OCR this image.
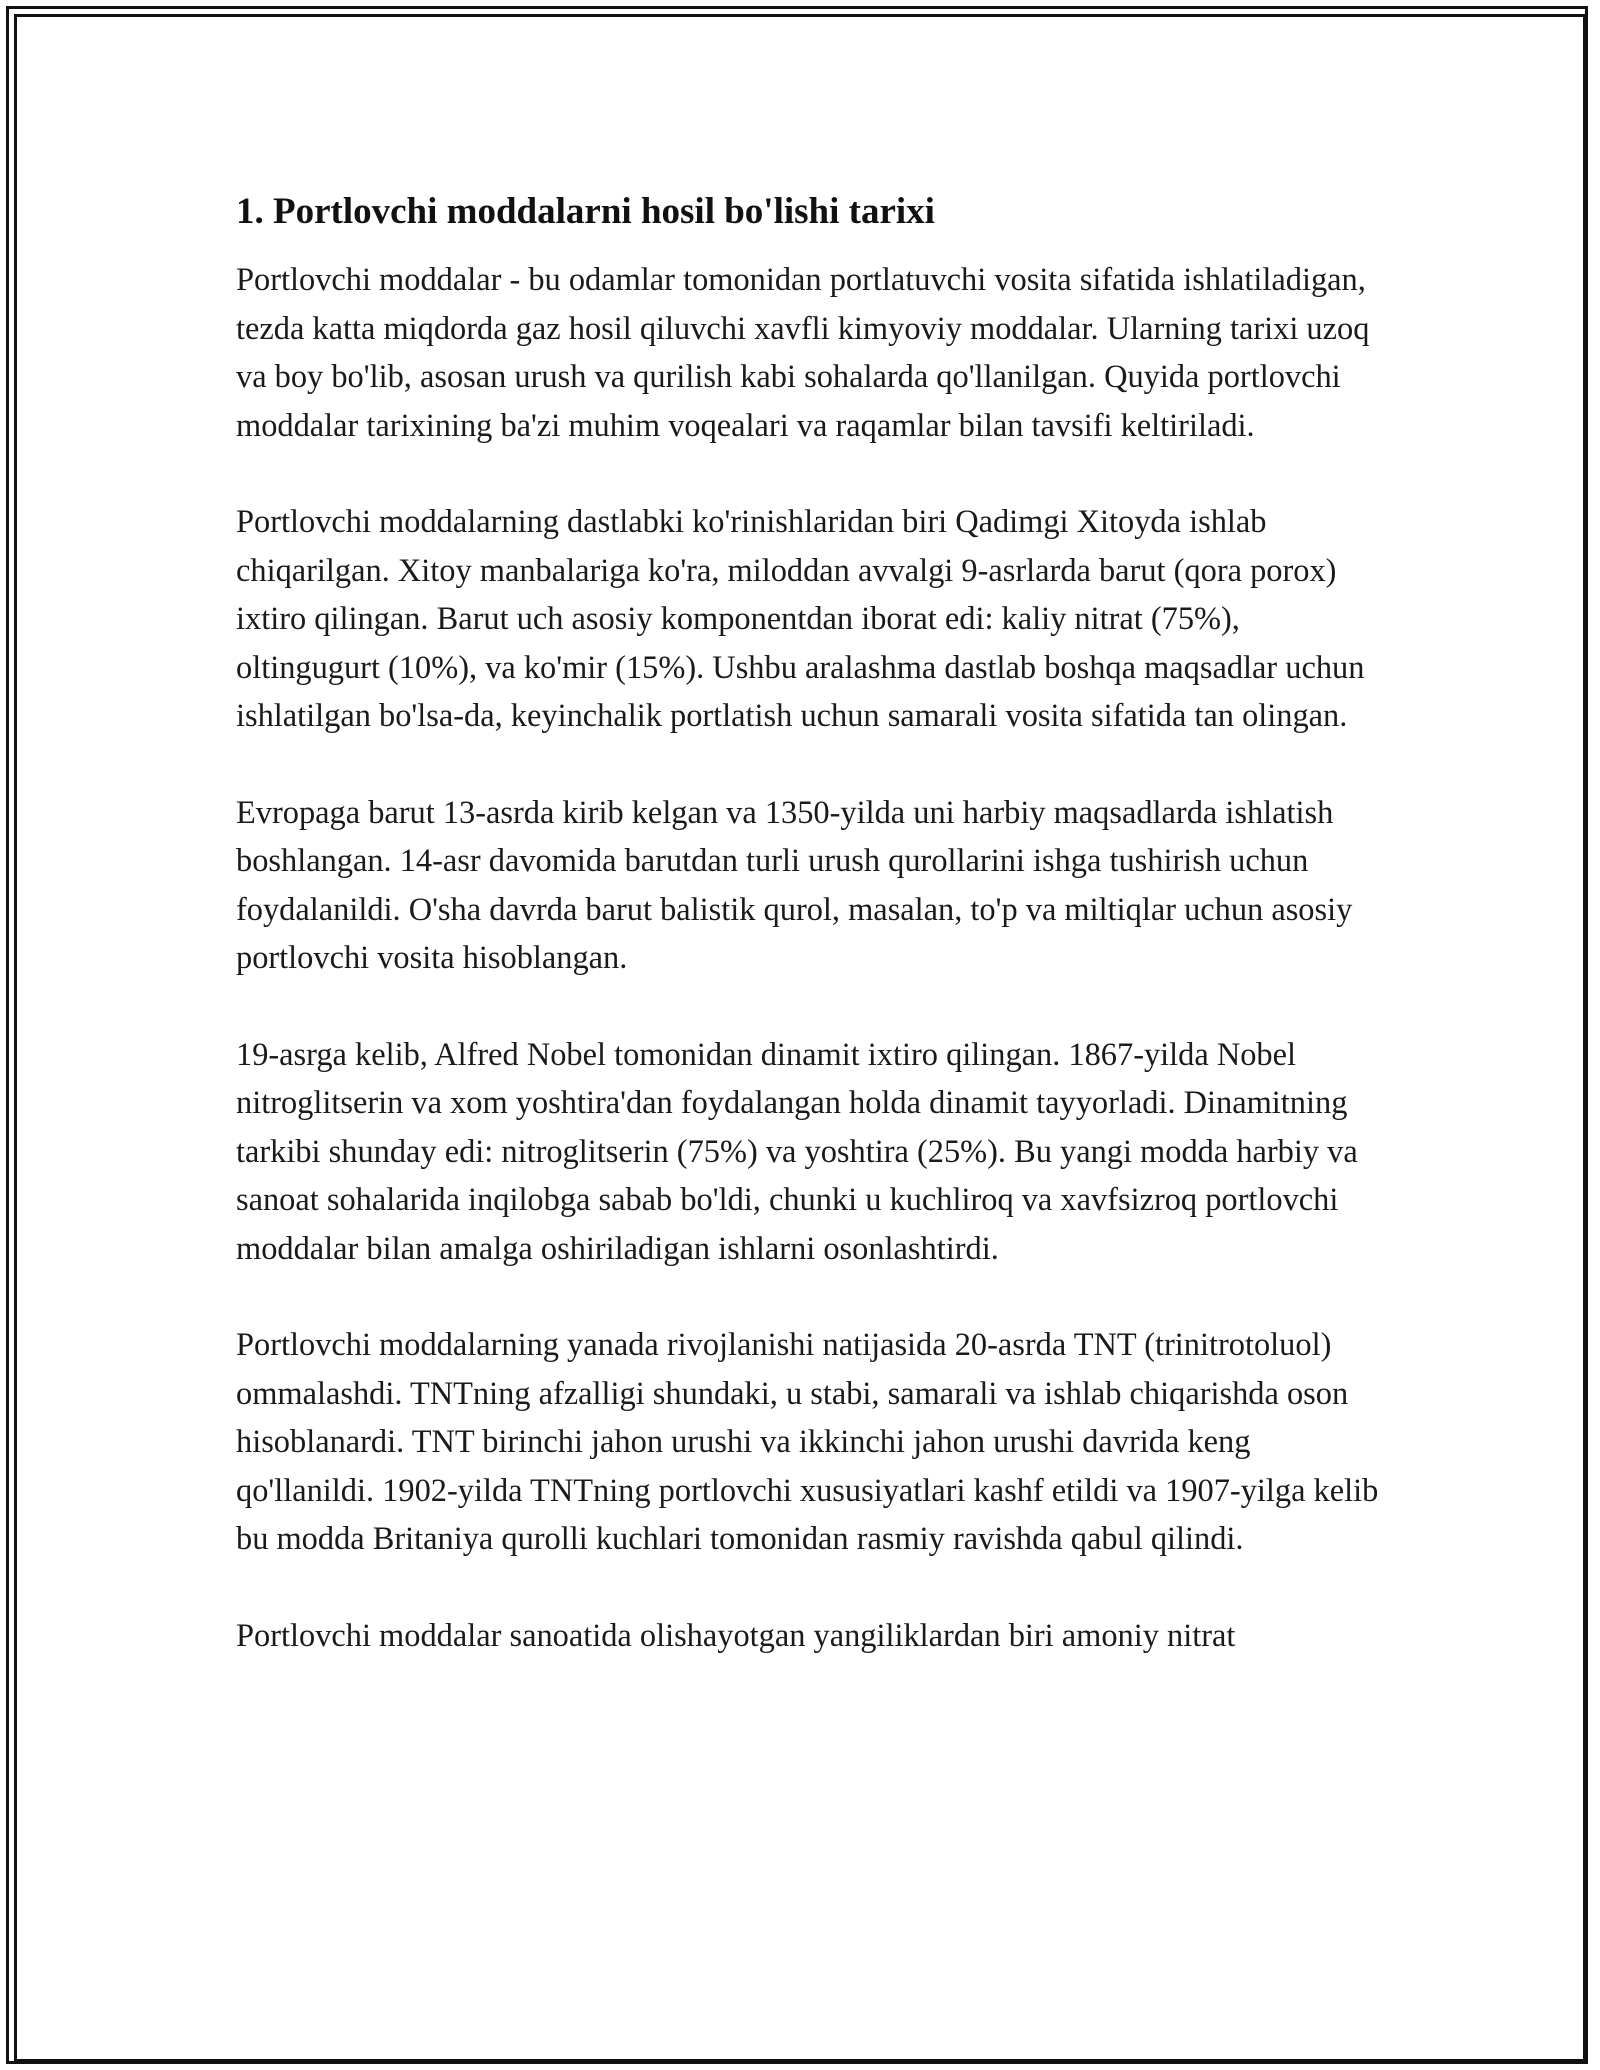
1. Portlovchi moddalarni hosil bo'lishi tarixi

Portlovchi moddalar - bu odamlar tomonidan portlatuvchi vosita sifatida ishlatiladigan, tezda katta miqdorda gaz hosil qiluvchi xavfli kimyoviy moddalar. Ularning tarixi uzoq va boy bo'lib, asosan urush va qurilish kabi sohalarda qo'llanilgan. Quyida portlovchi moddalar tarixining ba'zi muhim voqealari va raqamlar bilan tavsifi keltiriladi.

Portlovchi moddalarning dastlabki ko'rinishlaridan biri Qadimgi Xitoyda ishlab chiqarilgan. Xitoy manbalariga ko'ra, miloddan avvalgi 9-asrlarda barut (qora porox) ixtiro qilingan. Barut uch asosiy komponentdan iborat edi: kaliy nitrat (75%), oltingugurt (10%), va ko'mir (15%). Ushbu aralashma dastlab boshqa maqsadlar uchun ishlatilgan bo'lsa-da, keyinchalik portlatish uchun samarali vosita sifatida tan olingan.

Evropaga barut 13-asrda kirib kelgan va 1350-yilda uni harbiy maqsadlarda ishlatish boshlangan. 14-asr davomida barutdan turli urush qurollarini ishga tushirish uchun foydalanildi. O'sha davrda barut balistik qurol, masalan, to'p va miltiqlar uchun asosiy portlovchi vosita hisoblangan.

19-asrga kelib, Alfred Nobel tomonidan dinamit ixtiro qilingan. 1867-yilda Nobel nitroglitserin va xom yoshtira'dan foydalangan holda dinamit tayyorladi. Dinamitning tarkibi shunday edi: nitroglitserin (75%) va yoshtira (25%). Bu yangi modda harbiy va sanoat sohalarida inqilobga sabab bo'ldi, chunki u kuchliroq va xavfsizroq portlovchi moddalar bilan amalga oshiriladigan ishlarni osonlashtirdi.

Portlovchi moddalarning yanada rivojlanishi natijasida 20-asrda TNT (trinitrotoluol) ommalashdi. TNTning afzalligi shundaki, u stabi, samarali va ishlab chiqarishda oson hisoblanardi. TNT birinchi jahon urushi va ikkinchi jahon urushi davrida keng qo'llanildi. 1902-yilda TNTning portlovchi xususiyatlari kashf etildi va 1907-yilga kelib bu modda Britaniya qurolli kuchlari tomonidan rasmiy ravishda qabul qilindi.

Portlovchi moddalar sanoatida olishayotgan yangiliklardan biri amoniy nitrat
